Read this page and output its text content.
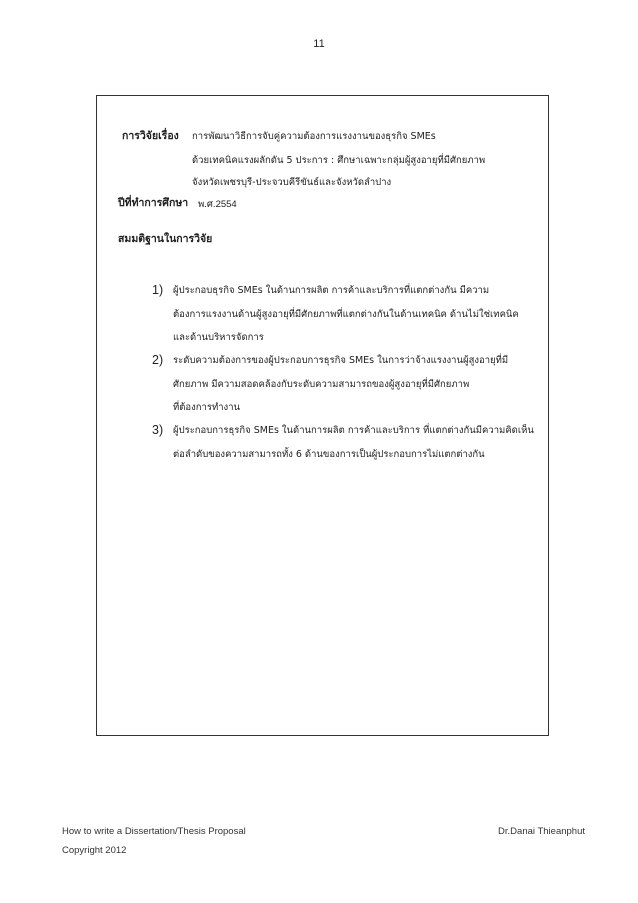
11
การวิจัยเรื่อง การพัฒนาวิธีการจับคู่ความต้องการแรงงานของธุรกิจ SMEs
ด้วยเทคนิคแรงผลักดัน 5 ประการ : ศึกษาเฉพาะกลุ่มผู้สูงอายุที่มีศักยภาพ
จังหวัดเพชรบุรี-ประจวบคีรีขันธ์และจังหวัดลำปาง
ปีที่ทำการศึกษา พ.ศ.2554
สมมติฐานในการวิจัย
1) ผู้ประกอบธุรกิจ SMEs ในด้านการผลิต การค้าและบริการที่แตกต่างกัน มีความ
ต้องการแรงงานด้านผู้สูงอายุที่มีศักยภาพที่แตกต่างกันในด้านเทคนิค ด้านไม่ใช่เทคนิค
และด้านบริหารจัดการ
2) ระดับความต้องการของผู้ประกอบการธุรกิจ SMEs ในการว่าจ้างแรงงานผู้สูงอายุที่มี
ศักยภาพ มีความสอดคล้องกับระดับความสามารถของผู้สูงอายุที่มีศักยภาพ
ที่ต้องการทำงาน
3) ผู้ประกอบการธุรกิจ SMEs ในด้านการผลิต การค้าและบริการ ที่แตกต่างกันมีความคิดเห็น
ต่อลำดับของความสามารถทั้ง 6 ด้านของการเป็นผู้ประกอบการไม่แตกต่างกัน
How to write a Dissertation/Thesis Proposal	Dr.Danai Thieanphut
Copyright 2012
